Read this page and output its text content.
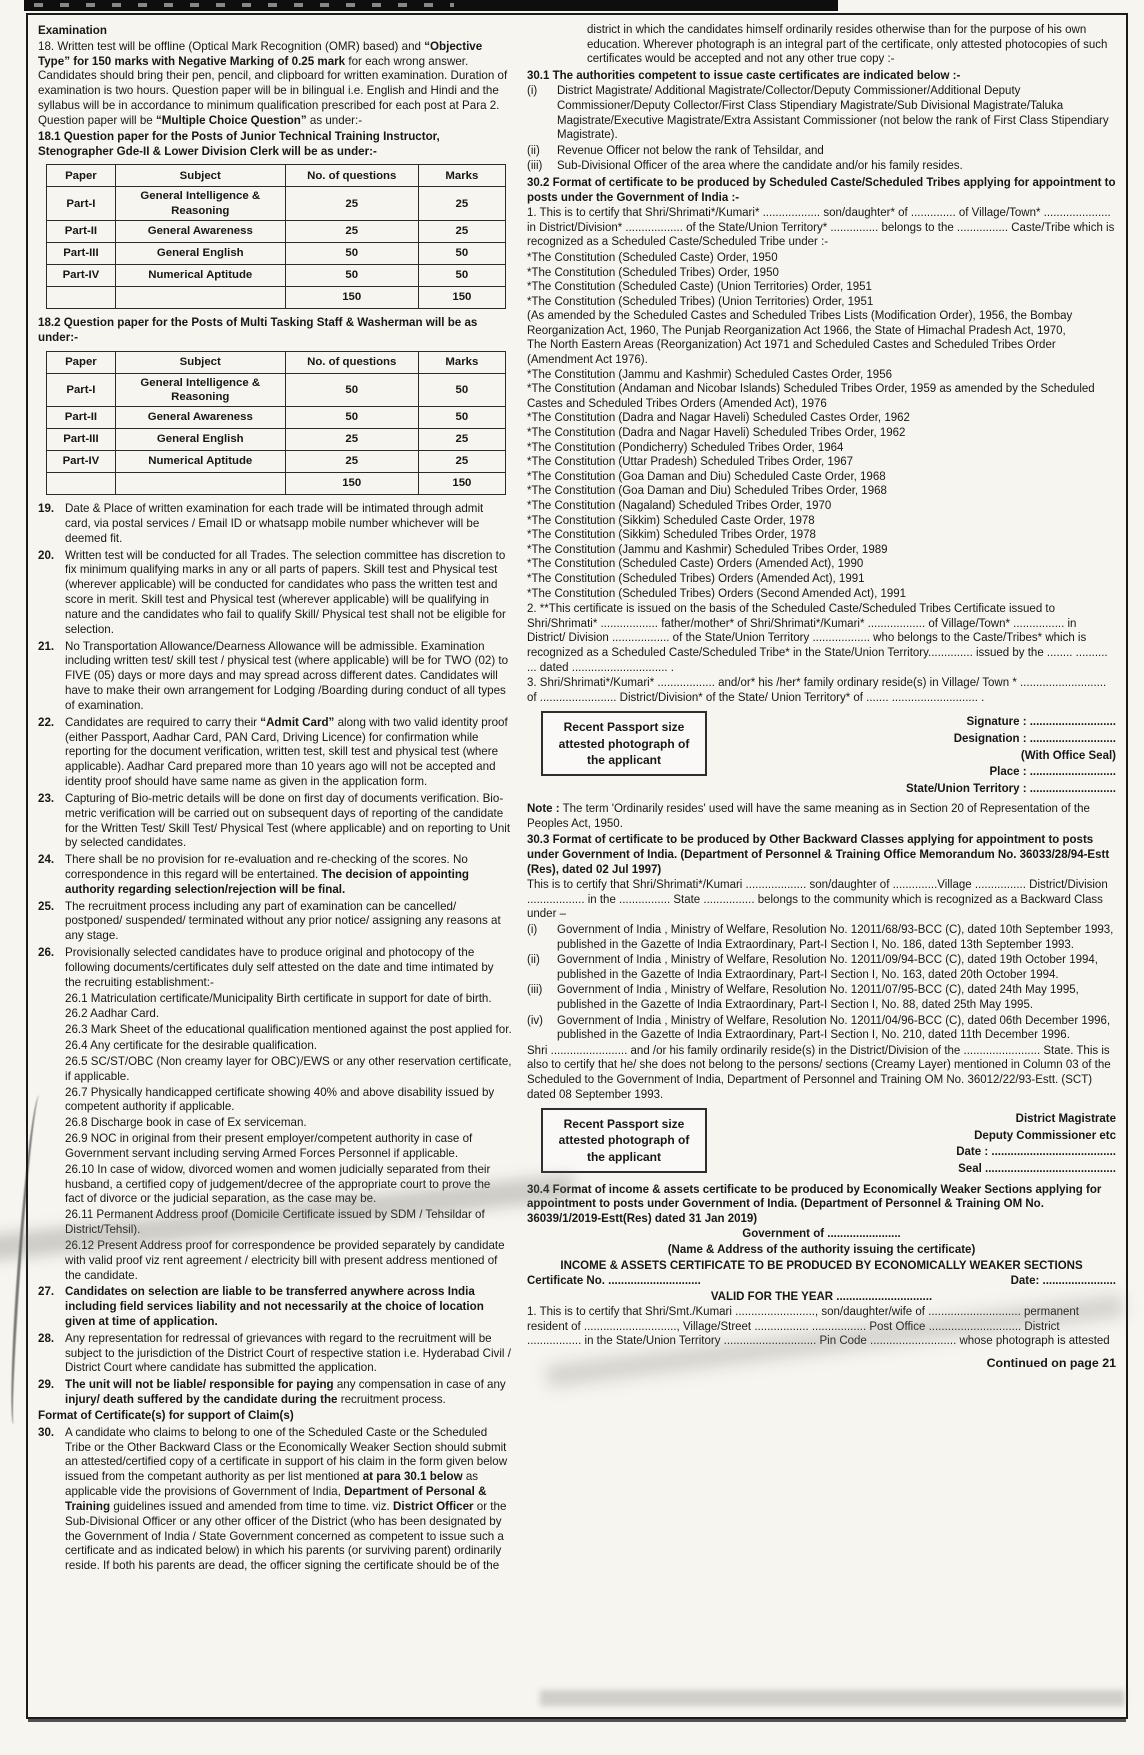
Examination
18. Written test will be offline (Optical Mark Recognition (OMR) based) and “Objective Type” for 150 marks with Negative Marking of 0.25 mark for each wrong answer. Candidates should bring their pen, pencil, and clipboard for written examination. Duration of examination is two hours. Question paper will be in bilingual i.e. English and Hindi and the syllabus will be in accordance to minimum qualification prescribed for each post at Para 2. Question paper will be “Multiple Choice Question” as under:-
18.1 Question paper for the Posts of Junior Technical Training Instructor, Stenographer Gde-II & Lower Division Clerk will be as under:-
Paper	Subject	No. of questions	Marks
Part-I	General Intelligence & Reasoning	25	25
Part-II	General Awareness	25	25
Part-III	General English	50	50
Part-IV	Numerical Aptitude	50	50
		150	150
18.2 Question paper for the Posts of Multi Tasking Staff & Washerman will be as under:-
Paper	Subject	No. of questions	Marks
Part-I	General Intelligence & Reasoning	50	50
Part-II	General Awareness	50	50
Part-III	General English	25	25
Part-IV	Numerical Aptitude	25	25
		150	150
19. Date & Place of written examination for each trade will be intimated through admit card, via postal services / Email ID or whatsapp mobile number whichever will be deemed fit.
20. Written test will be conducted for all Trades. The selection committee has discretion to fix minimum qualifying marks in any or all parts of papers. Skill test and Physical test (wherever applicable) will be conducted for candidates who pass the written test and score in merit. Skill test and Physical test (wherever applicable) will be qualifying in nature and the candidates who fail to qualify Skill/ Physical test shall not be eligible for selection.
21. No Transportation Allowance/Dearness Allowance will be admissible. Examination including written test/ skill test / physical test (where applicable) will be for TWO (02) to FIVE (05) days or more days and may spread across different dates. Candidates will have to make their own arrangement for Lodging /Boarding during conduct of all types of examination.
22. Candidates are required to carry their “Admit Card” along with two valid identity proof (either Passport, Aadhar Card, PAN Card, Driving Licence) for confirmation while reporting for the document verification, written test, skill test and physical test (where applicable). Aadhar Card prepared more than 10 years ago will not be accepted and identity proof should have same name as given in the application form.
23. Capturing of Bio-metric details will be done on first day of documents verification. Bio-metric verification will be carried out on subsequent days of reporting of the candidate for the Written Test/ Skill Test/ Physical Test (where applicable) and on reporting to Unit by selected candidates.
24. There shall be no provision for re-evaluation and re-checking of the scores. No correspondence in this regard will be entertained. The decision of appointing authority regarding selection/rejection will be final.
25. The recruitment process including any part of examination can be cancelled/ postponed/ suspended/ terminated without any prior notice/ assigning any reasons at any stage.
26. Provisionally selected candidates have to produce original and photocopy of the following documents/certificates duly self attested on the date and time intimated by the recruiting establishment:-
26.1 Matriculation certificate/Municipality Birth certificate in support for date of birth.
26.2 Aadhar Card.
26.3 Mark Sheet of the educational qualification mentioned against the post applied for.
26.4 Any certificate for the desirable qualification.
26.5 SC/ST/OBC (Non creamy layer for OBC)/EWS or any other reservation certificate, if applicable.
26.7 Physically handicapped certificate showing 40% and above disability issued by competent authority if applicable.
26.8 Discharge book in case of Ex serviceman.
26.9 NOC in original from their present employer/competent authority in case of Government servant including serving Armed Forces Personnel if applicable.
26.10 In case of widow, divorced women and women judicially separated from their husband, a certified copy of judgement/decree of the appropriate court to prove the fact of divorce or the judicial separation, as the case may be.
26.11 Permanent Address proof (Domicile Certificate issued by SDM / Tehsildar of District/Tehsil).
26.12 Present Address proof for correspondence be provided separately by candidate with valid proof viz rent agreement / electricity bill with present address mentioned of the candidate.
27. Candidates on selection are liable to be transferred anywhere across India including field services liability and not necessarily at the choice of location given at time of application.
28. Any representation for redressal of grievances with regard to the recruitment will be subject to the jurisdiction of the District Court of respective station i.e. Hyderabad Civil / District Court where candidate has submitted the application.
29. The unit will not be liable/ responsible for paying any compensation in case of any injury/ death suffered by the candidate during the recruitment process.
Format of Certificate(s) for support of Claim(s)
30. A candidate who claims to belong to one of the Scheduled Caste or the Scheduled Tribe or the Other Backward Class or the Economically Weaker Section should submit an attested/certified copy of a certificate in support of his claim in the form given below issued from the competant authority as per list mentioned at para 30.1 below as applicable vide the provisions of Government of India, Department of Personal & Training guidelines issued and amended from time to time. viz. District Officer or the Sub-Divisional Officer or any other officer of the District (who has been designated by the Government of India / State Government concerned as competent to issue such a certificate and as indicated below) in which his parents (or surviving parent) ordinarily reside. If both his parents are dead, the officer signing the certificate should be of the
district in which the candidates himself ordinarily resides otherwise than for the purpose of his own education. Wherever photograph is an integral part of the certificate, only attested photocopies of such certificates would be accepted and not any other true copy :-
30.1 The authorities competent to issue caste certificates are indicated below :-
(i)	District Magistrate/ Additional Magistrate/Collector/Deputy Commissioner/Additional Deputy Commissioner/Deputy Collector/First Class Stipendiary Magistrate/Sub Divisional Magistrate/Taluka Magistrate/Executive Magistrate/Extra Assistant Commissioner (not below the rank of First Class Stipendiary Magistrate).
(ii)	Revenue Officer not below the rank of Tehsildar, and
(iii)	Sub-Divisional Officer of the area where the candidate and/or his family resides.
30.2 Format of certificate to be produced by Scheduled Caste/Scheduled Tribes applying for appointment to posts under the Government of India :-
1. This is to certify that Shri/Shrimati*/Kumari* .................. son/daughter* of .............. of Village/Town* ..................... in District/Division* .................. of the State/Union Territory* ............... belongs to the ................ Caste/Tribe which is recognized as a Scheduled Caste/Scheduled Tribe under :-
*The Constitution (Scheduled Caste) Order, 1950
*The Constitution (Scheduled Tribes) Order, 1950
*The Constitution (Scheduled Caste) (Union Territories) Order, 1951
*The Constitution (Scheduled Tribes) (Union Territories) Order, 1951
(As amended by the Scheduled Castes and Scheduled Tribes Lists (Modification Order), 1956, the Bombay Reorganization Act, 1960, The Punjab Reorganization Act 1966, the State of Himachal Pradesh Act, 1970,
The North Eastern Areas (Reorganization) Act 1971 and Scheduled Castes and Scheduled Tribes Order (Amendment Act 1976).
*The Constitution (Jammu and Kashmir) Scheduled Castes Order, 1956
*The Constitution (Andaman and Nicobar Islands) Scheduled Tribes Order, 1959 as amended by the Scheduled Castes and Scheduled Tribes Orders (Amended Act), 1976
*The Constitution (Dadra and Nagar Haveli) Scheduled Castes Order, 1962
*The Constitution (Dadra and Nagar Haveli) Scheduled Tribes Order, 1962
*The Constitution (Pondicherry) Scheduled Tribes Order, 1964
*The Constitution (Uttar Pradesh) Scheduled Tribes Order, 1967
*The Constitution (Goa Daman and Diu) Scheduled Caste Order, 1968
*The Constitution (Goa Daman and Diu) Scheduled Tribes Order, 1968
*The Constitution (Nagaland) Scheduled Tribes Order, 1970
*The Constitution (Sikkim) Scheduled Caste Order, 1978
*The Constitution (Sikkim) Scheduled Tribes Order, 1978
*The Constitution (Jammu and Kashmir) Scheduled Tribes Order, 1989
*The Constitution (Scheduled Caste) Orders (Amended Act), 1990
*The Constitution (Scheduled Tribes) Orders (Amended Act), 1991
*The Constitution (Scheduled Tribes) Orders (Second Amended Act), 1991
2. **This certificate is issued on the basis of the Scheduled Caste/Scheduled Tribes Certificate issued to Shri/Shrimati* .................. father/mother* of Shri/Shrimati*/Kumari* .................. of Village/Town* ................ in District/ Division .................. of the State/Union Territory .................. who belongs to the Caste/Tribes* which is recognized as a Scheduled Caste/Scheduled Tribe* in the State/Union Territory.............. issued by the ........ .......... ... dated .............................. .
3. Shri/Shrimati*/Kumari* .................. and/or* his /her* family ordinary reside(s) in Village/ Town * ........................... of ........................ District/Division* of the State/ Union Territory* of ....... ........................... .
Recent Passport size attested photograph of the applicant
Signature : ...........................
Designation : ...........................
(With Office Seal)
Place : ...........................
State/Union Territory : ...........................
Note : The term 'Ordinarily resides' used will have the same meaning as in Section 20 of Representation of the Peoples Act, 1950.
30.3 Format of certificate to be produced by Other Backward Classes applying for appointment to posts under Government of India. (Department of Personnel & Training Office Memorandum No. 36033/28/94-Estt (Res), dated 02 Jul 1997)
This is to certify that Shri/Shrimati*/Kumari ................... son/daughter of ..............Village ................ District/Division .................. in the ................ State ................ belongs to the community which is recognized as a Backward Class under –
(i)	Government of India , Ministry of Welfare, Resolution No. 12011/68/93-BCC (C), dated 10th September 1993, published in the Gazette of India Extraordinary, Part-I Section I, No. 186, dated 13th September 1993.
(ii)	Government of India , Ministry of Welfare, Resolution No. 12011/09/94-BCC (C), dated 19th October 1994, published in the Gazette of India Extraordinary, Part-I Section I, No. 163, dated 20th October 1994.
(iii)	Government of India , Ministry of Welfare, Resolution No. 12011/07/95-BCC (C), dated 24th May 1995, published in the Gazette of India Extraordinary, Part-I Section I, No. 88, dated 25th May 1995.
(iv)	Government of India , Ministry of Welfare, Resolution No. 12011/04/96-BCC (C), dated 06th December 1996, published in the Gazette of India Extraordinary, Part-I Section I, No. 210, dated 11th December 1996.
Shri ........................ and /or his family ordinarily reside(s) in the District/Division of the ........................ State. This is also to certify that he/ she does not belong to the persons/ sections (Creamy Layer) mentioned in Column 03 of the Scheduled to the Government of India, Department of Personnel and Training OM No. 36012/22/93-Estt. (SCT) dated 08 September 1993.
Recent Passport size attested photograph of the applicant
District Magistrate
Deputy Commissioner etc
Date : .......................................
Seal .........................................
30.4 Format of income & assets certificate to be produced by Economically Weaker Sections applying for appointment to posts under Government of India. (Department of Personnel & Training OM No. 36039/1/2019-Estt(Res) dated 31 Jan 2019)
Government of .......................
(Name & Address of the authority issuing the certificate)
INCOME & ASSETS CERTIFICATE TO BE PRODUCED BY ECONOMICALLY WEAKER SECTIONS
Certificate No. .............................	Date: .......................
VALID FOR THE YEAR ..............................
1. This is to certify that Shri/Smt./Kumari ........................., son/daughter/wife of ............................. permanent resident of ............................., Village/Street ................. ................. Post Office ............................. District ................. in the State/Union Territory ............................. Pin Code ........................... whose photograph is attested
Continued on page 21
